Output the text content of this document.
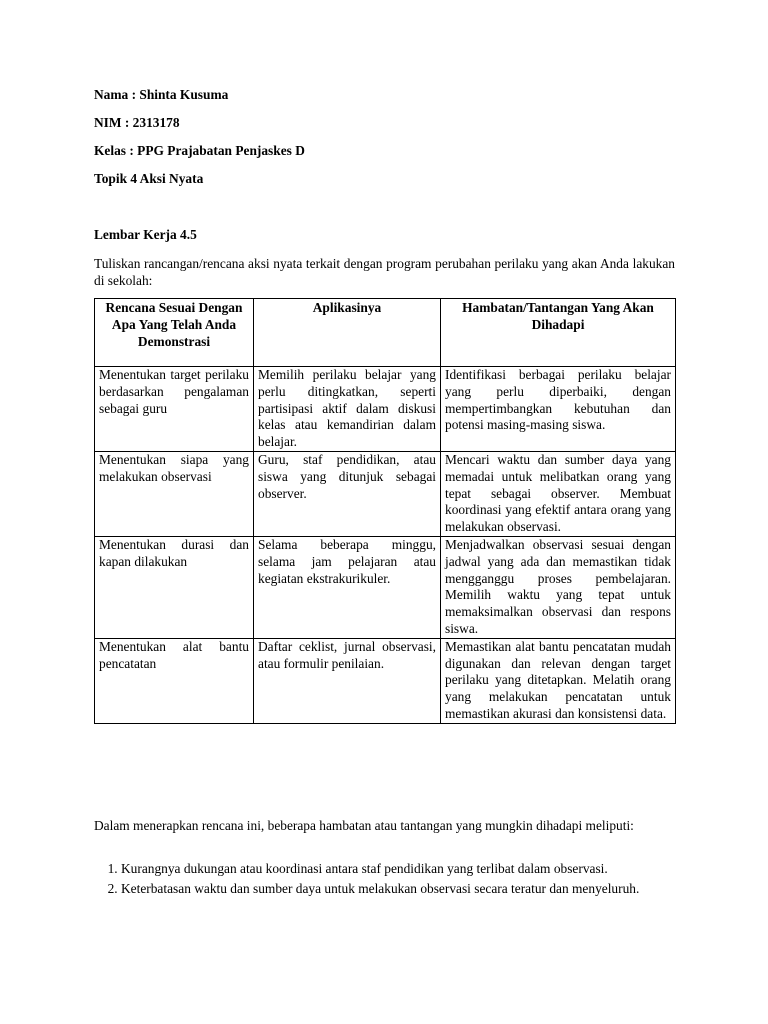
Nama : Shinta Kusuma
NIM : 2313178
Kelas : PPG Prajabatan Penjaskes D
Topik 4 Aksi Nyata
Lembar Kerja 4.5
Tuliskan rancangan/rencana aksi nyata terkait dengan program perubahan perilaku yang akan Anda lakukan di sekolah:
Rencana Sesuai Dengan Apa Yang Telah Anda Demonstrasi	Aplikasinya	Hambatan/Tantangan Yang Akan Dihadapi
Menentukan target perilaku berdasarkan pengalaman sebagai guru	Memilih perilaku belajar yang perlu ditingkatkan, seperti partisipasi aktif dalam diskusi kelas atau kemandirian dalam belajar.	Identifikasi berbagai perilaku belajar yang perlu diperbaiki, dengan mempertimbangkan kebutuhan dan potensi masing-masing siswa.
Menentukan siapa yang melakukan observasi	Guru, staf pendidikan, atau siswa yang ditunjuk sebagai observer.	Mencari waktu dan sumber daya yang memadai untuk melibatkan orang yang tepat sebagai observer. Membuat koordinasi yang efektif antara orang yang melakukan observasi.
Menentukan durasi dan kapan dilakukan	Selama beberapa minggu, selama jam pelajaran atau kegiatan ekstrakurikuler.	Menjadwalkan observasi sesuai dengan jadwal yang ada dan memastikan tidak mengganggu proses pembelajaran. Memilih waktu yang tepat untuk memaksimalkan observasi dan respons siswa.
Menentukan alat bantu pencatatan	Daftar ceklist, jurnal observasi, atau formulir penilaian.	Memastikan alat bantu pencatatan mudah digunakan dan relevan dengan target perilaku yang ditetapkan. Melatih orang yang melakukan pencatatan untuk memastikan akurasi dan konsistensi data.
Dalam menerapkan rencana ini, beberapa hambatan atau tantangan yang mungkin dihadapi meliputi:
1. Kurangnya dukungan atau koordinasi antara staf pendidikan yang terlibat dalam observasi.
2. Keterbatasan waktu dan sumber daya untuk melakukan observasi secara teratur dan menyeluruh.
